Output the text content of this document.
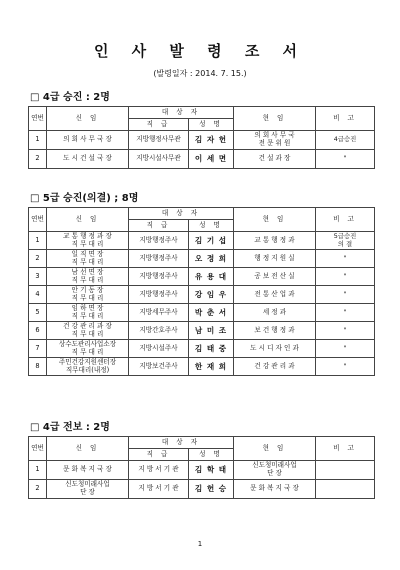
인 사 발 령 조 서
(발령일자 : 2014. 7. 15.)
□ 4급 승진 : 2명
연번	신 임	대 상 자		현 임	비 고
		직 급	성 명		
1	의 회 사 무 국 장	지방행정사무관	김 자 헌	의 회 사 무 국
전 문 위 원	4급승진
2	도 시 건 설 국 장	지방시설사무관	이 세 면	건 설 과 장	"
□ 5급 승진(의결) ; 8명
연번	신 임	대 상 자		현 임	비 고
		직 급	성 명		
1	교 통 행 정 과 장
직 무 대 리	지방행정주사	김 기 섭	교 통 행 정 과	5급승진
의 결
2	일 직 면 장
직 무 대 리	지방행정주사	오 정 희	행 정 지 원 실	"
3	남 선 면 장
직 무 대 리	지방행정주사	유 용 대	공 보 전 산 실	"
4	안 기 동 장
직 무 대 리	지방행정주사	강 임 우	전 통 산 업 과	"
5	임 하 면 장
직 무 대 리	지방세무주사	박 춘 서	세 정 과	"
6	건 강 관 리 과 장
직 무 대 리	지방간호주사	남 미 조	보 건 행 정 과	"
7	상수도관리사업소장
직 무 대 리	지방시설주사	김 태 중	도 시 디 자 인 과	"
8	주민건강지원센터장
직무대리(내정)	지방보건주사	한 재 희	건 강 관 리 과	"
□ 4급 전보 : 2명
연번	신 임	대 상 자		현 임	비 고
		직 급	성 명		
1	문 화 복 지 국 장	지 방 서 기 관	김 학 태	신도청미래사업
단 장	
2	신도청미래사업
단 장	지 방 서 기 관	김 헌 승	문 화 복 지 국 장	
1
